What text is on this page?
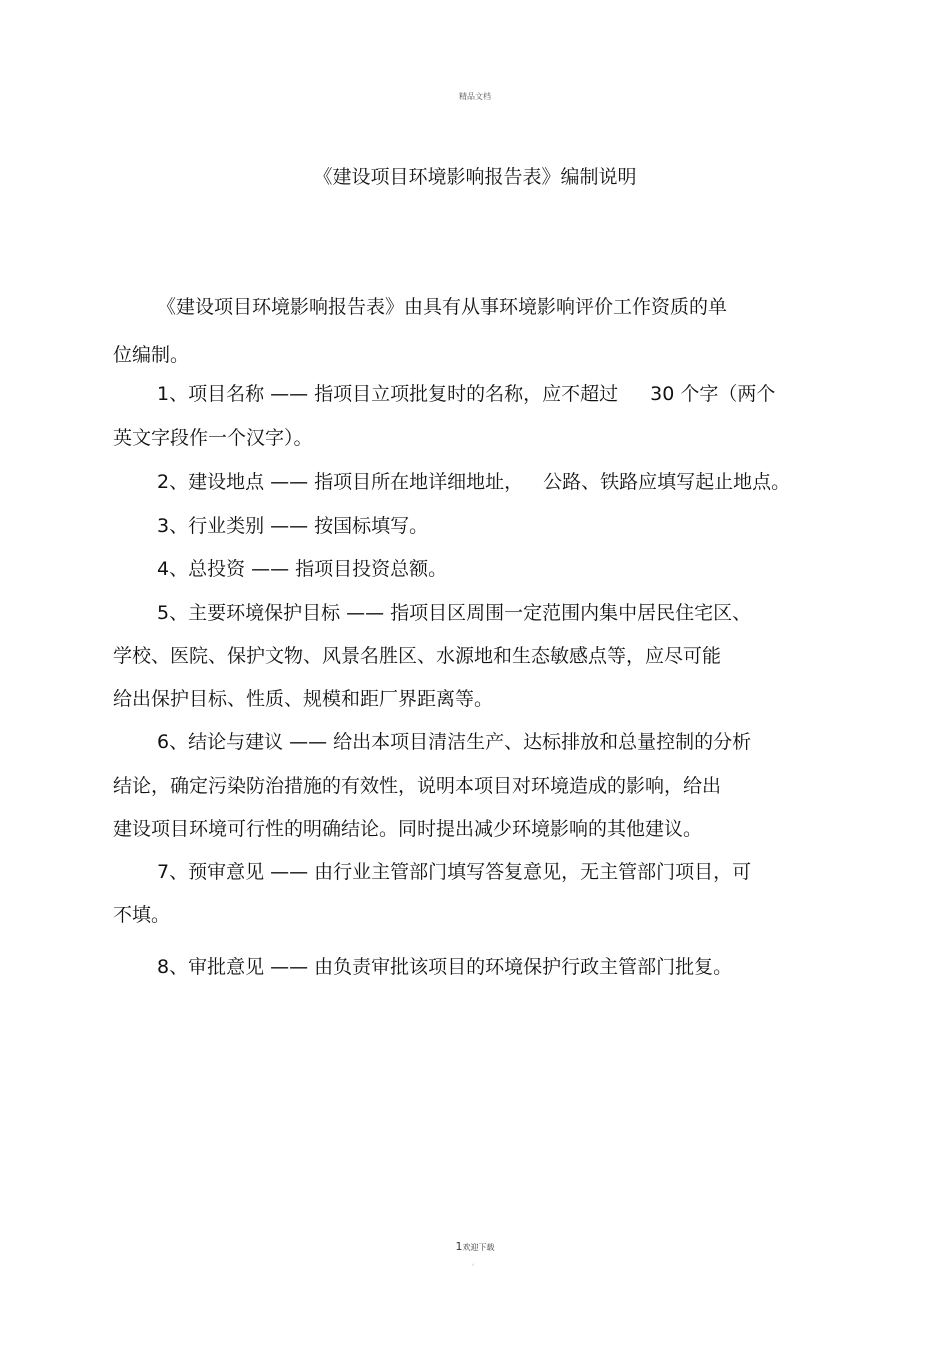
精品文档
《建设项目环境影响报告表》编制说明
《建设项目环境影响报告表》由具有从事环境影响评价工作资质的单
位编制。
1、项目名称 —— 指项目立项批复时的名称，应不超过 30 个字（两个
英文字段作一个汉字）。
2、建设地点 —— 指项目所在地详细地址， 公路、铁路应填写起止地点。
3、行业类别 —— 按国标填写。
4、总投资 —— 指项目投资总额。
5、主要环境保护目标 —— 指项目区周围一定范围内集中居民住宅区、
学校、医院、保护文物、风景名胜区、水源地和生态敏感点等，应尽可能
给出保护目标、性质、规模和距厂界距离等。
6、结论与建议 —— 给出本项目清洁生产、达标排放和总量控制的分析
结论，确定污染防治措施的有效性，说明本项目对环境造成的影响，给出
建设项目环境可行性的明确结论。同时提出减少环境影响的其他建议。
7、预审意见 —— 由行业主管部门填写答复意见，无主管部门项目，可
不填。
8、审批意见 —— 由负责审批该项目的环境保护行政主管部门批复。
1欢迎下载
。
